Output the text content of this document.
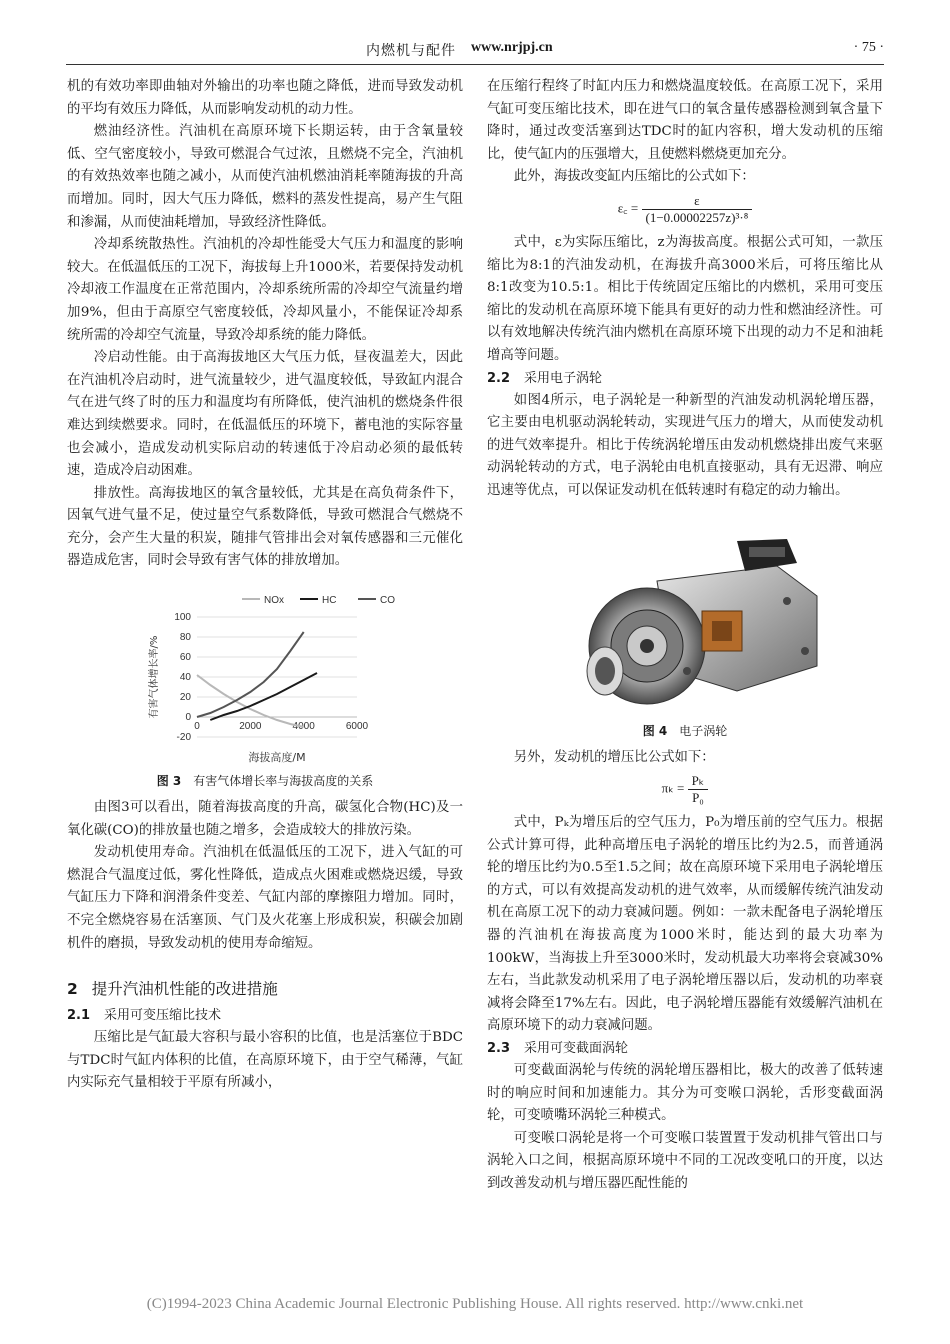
内燃机与配件 www.nrjpj.cn	· 75 ·

机的有效功率即曲轴对外输出的功率也随之降低，进而导致发动机的平均有效压力降低，从而影响发动机的动力性。

燃油经济性。汽油机在高原环境下长期运转，由于含氧量较低、空气密度较小，导致可燃混合气过浓，且燃烧不完全，汽油机的有效热效率也随之减小，从而使汽油机燃油消耗率随海拔的升高而增加。同时，因大气压力降低，燃料的蒸发性提高，易产生气阻和渗漏，从而使油耗增加，导致经济性降低。

冷却系统散热性。汽油机的冷却性能受大气压力和温度的影响较大。在低温低压的工况下，海拔每上升1000米，若要保持发动机冷却液工作温度在正常范围内，冷却系统所需的冷却空气流量约增加9%，但由于高原空气密度较低，冷却风量小，不能保证冷却系统所需的冷却空气流量，导致冷却系统的能力降低。

冷启动性能。由于高海拔地区大气压力低，昼夜温差大，因此在汽油机冷启动时，进气流量较少，进气温度较低，导致缸内混合气在进气终了时的压力和温度均有所降低，使汽油机的燃烧条件很难达到续燃要求。同时，在低温低压的环境下，蓄电池的实际容量也会减小，造成发动机实际启动的转速低于冷启动必须的最低转速，造成冷启动困难。

排放性。高海拔地区的氧含量较低，尤其是在高负荷条件下，因氧气进气量不足，使过量空气系数降低，导致可燃混合气燃烧不充分，会产生大量的积炭，随排气管排出会对氧传感器和三元催化器造成危害，同时会导致有害气体的排放增加。

-20
0
20
40
60
80
100
0	2000	4000	6000
NOx	HC	CO
海拔高度/M
有害气体增长率/%
图 3 有害气体增长率与海拔高度的关系

由图3可以看出，随着海拔高度的升高，碳氢化合物(HC)及一氧化碳(CO)的排放量也随之增多，会造成较大的排放污染。

发动机使用寿命。汽油机在低温低压的工况下，进入气缸的可燃混合气温度过低，雾化性降低，造成点火困难或燃烧迟缓，导致气缸压力下降和润滑条件变差、气缸内部的摩擦阻力增加。同时，不完全燃烧容易在活塞顶、气门及火花塞上形成积炭，积碳会加剧机件的磨损，导致发动机的使用寿命缩短。

2 提升汽油机性能的改进措施
2.1 采用可变压缩比技术

压缩比是气缸最大容积与最小容积的比值，也是活塞位于BDC与TDC时气缸内体积的比值，在高原环境下，由于空气稀薄，气缸内实际充气量相较于平原有所减小，

在压缩行程终了时缸内压力和燃烧温度较低。在高原工况下，采用气缸可变压缩比技术，即在进气口的氧含量传感器检测到氧含量下降时，通过改变活塞到达TDC时的缸内容积，增大发动机的压缩比，使气缸内的压强增大，且使燃料燃烧更加充分。

此外，海拔改变缸内压缩比的公式如下：

ε꜀ = $\frac{\varepsilon}{\text{(1−0.00002257z)³·⁸}}$

式中，ε为实际压缩比，z为海拔高度。根据公式可知，一款压缩比为8:1的汽油发动机，在海拔升高3000米后，可将压缩比从8:1改变为10.5:1。相比于传统固定压缩比的内燃机，采用可变压缩比的发动机在高原环境下能具有更好的动力性和燃油经济性。可以有效地解决传统汽油内燃机在高原环境下出现的动力不足和油耗增高等问题。

2.2 采用电子涡轮

如图4所示，电子涡轮是一种新型的汽油发动机涡轮增压器，它主要由电机驱动涡轮转动，实现进气压力的增大，从而使发动机的进气效率提升。相比于传统涡轮增压由发动机燃烧排出废气来驱动涡轮转动的方式，电子涡轮由电机直接驱动，具有无迟滞、响应迅速等优点，可以保证发动机在低转速时有稳定的动力输出。

图 4 电子涡轮

另外，发动机的增压比公式如下：

$\pi_k = \frac{\text{Pₖ}}{\text{P₀}}$

式中，Pₖ为增压后的空气压力，P₀为增压前的空气压力。根据公式计算可得，此种高增压电子涡轮的增压比约为2.5，而普通涡轮的增压比约为0.5至1.5之间；故在高原环境下采用电子涡轮增压的方式，可以有效提高发动机的进气效率，从而缓解传统汽油发动机在高原工况下的动力衰减问题。例如：一款未配备电子涡轮增压器的汽油机在海拔高度为1000米时，能达到的最大功率为100kW，当海拔上升至3000米时，发动机最大功率将会衰减30%左右，当此款发动机采用了电子涡轮增压器以后，发动机的功率衰减将会降至17%左右。因此，电子涡轮增压器能有效缓解汽油机在高原环境下的动力衰减问题。

2.3 采用可变截面涡轮

可变截面涡轮与传统的涡轮增压器相比，极大的改善了低转速时的响应时间和加速能力。其分为可变喉口涡轮，舌形变截面涡轮，可变喷嘴环涡轮三种模式。

可变喉口涡轮是将一个可变喉口装置置于发动机排气管出口与涡轮入口之间，根据高原环境中不同的工况改变吼口的开度，以达到改善发动机与增压器匹配性能的

(C)1994-2023 China Academic Journal Electronic Publishing House. All rights reserved. http://www.cnki.net
